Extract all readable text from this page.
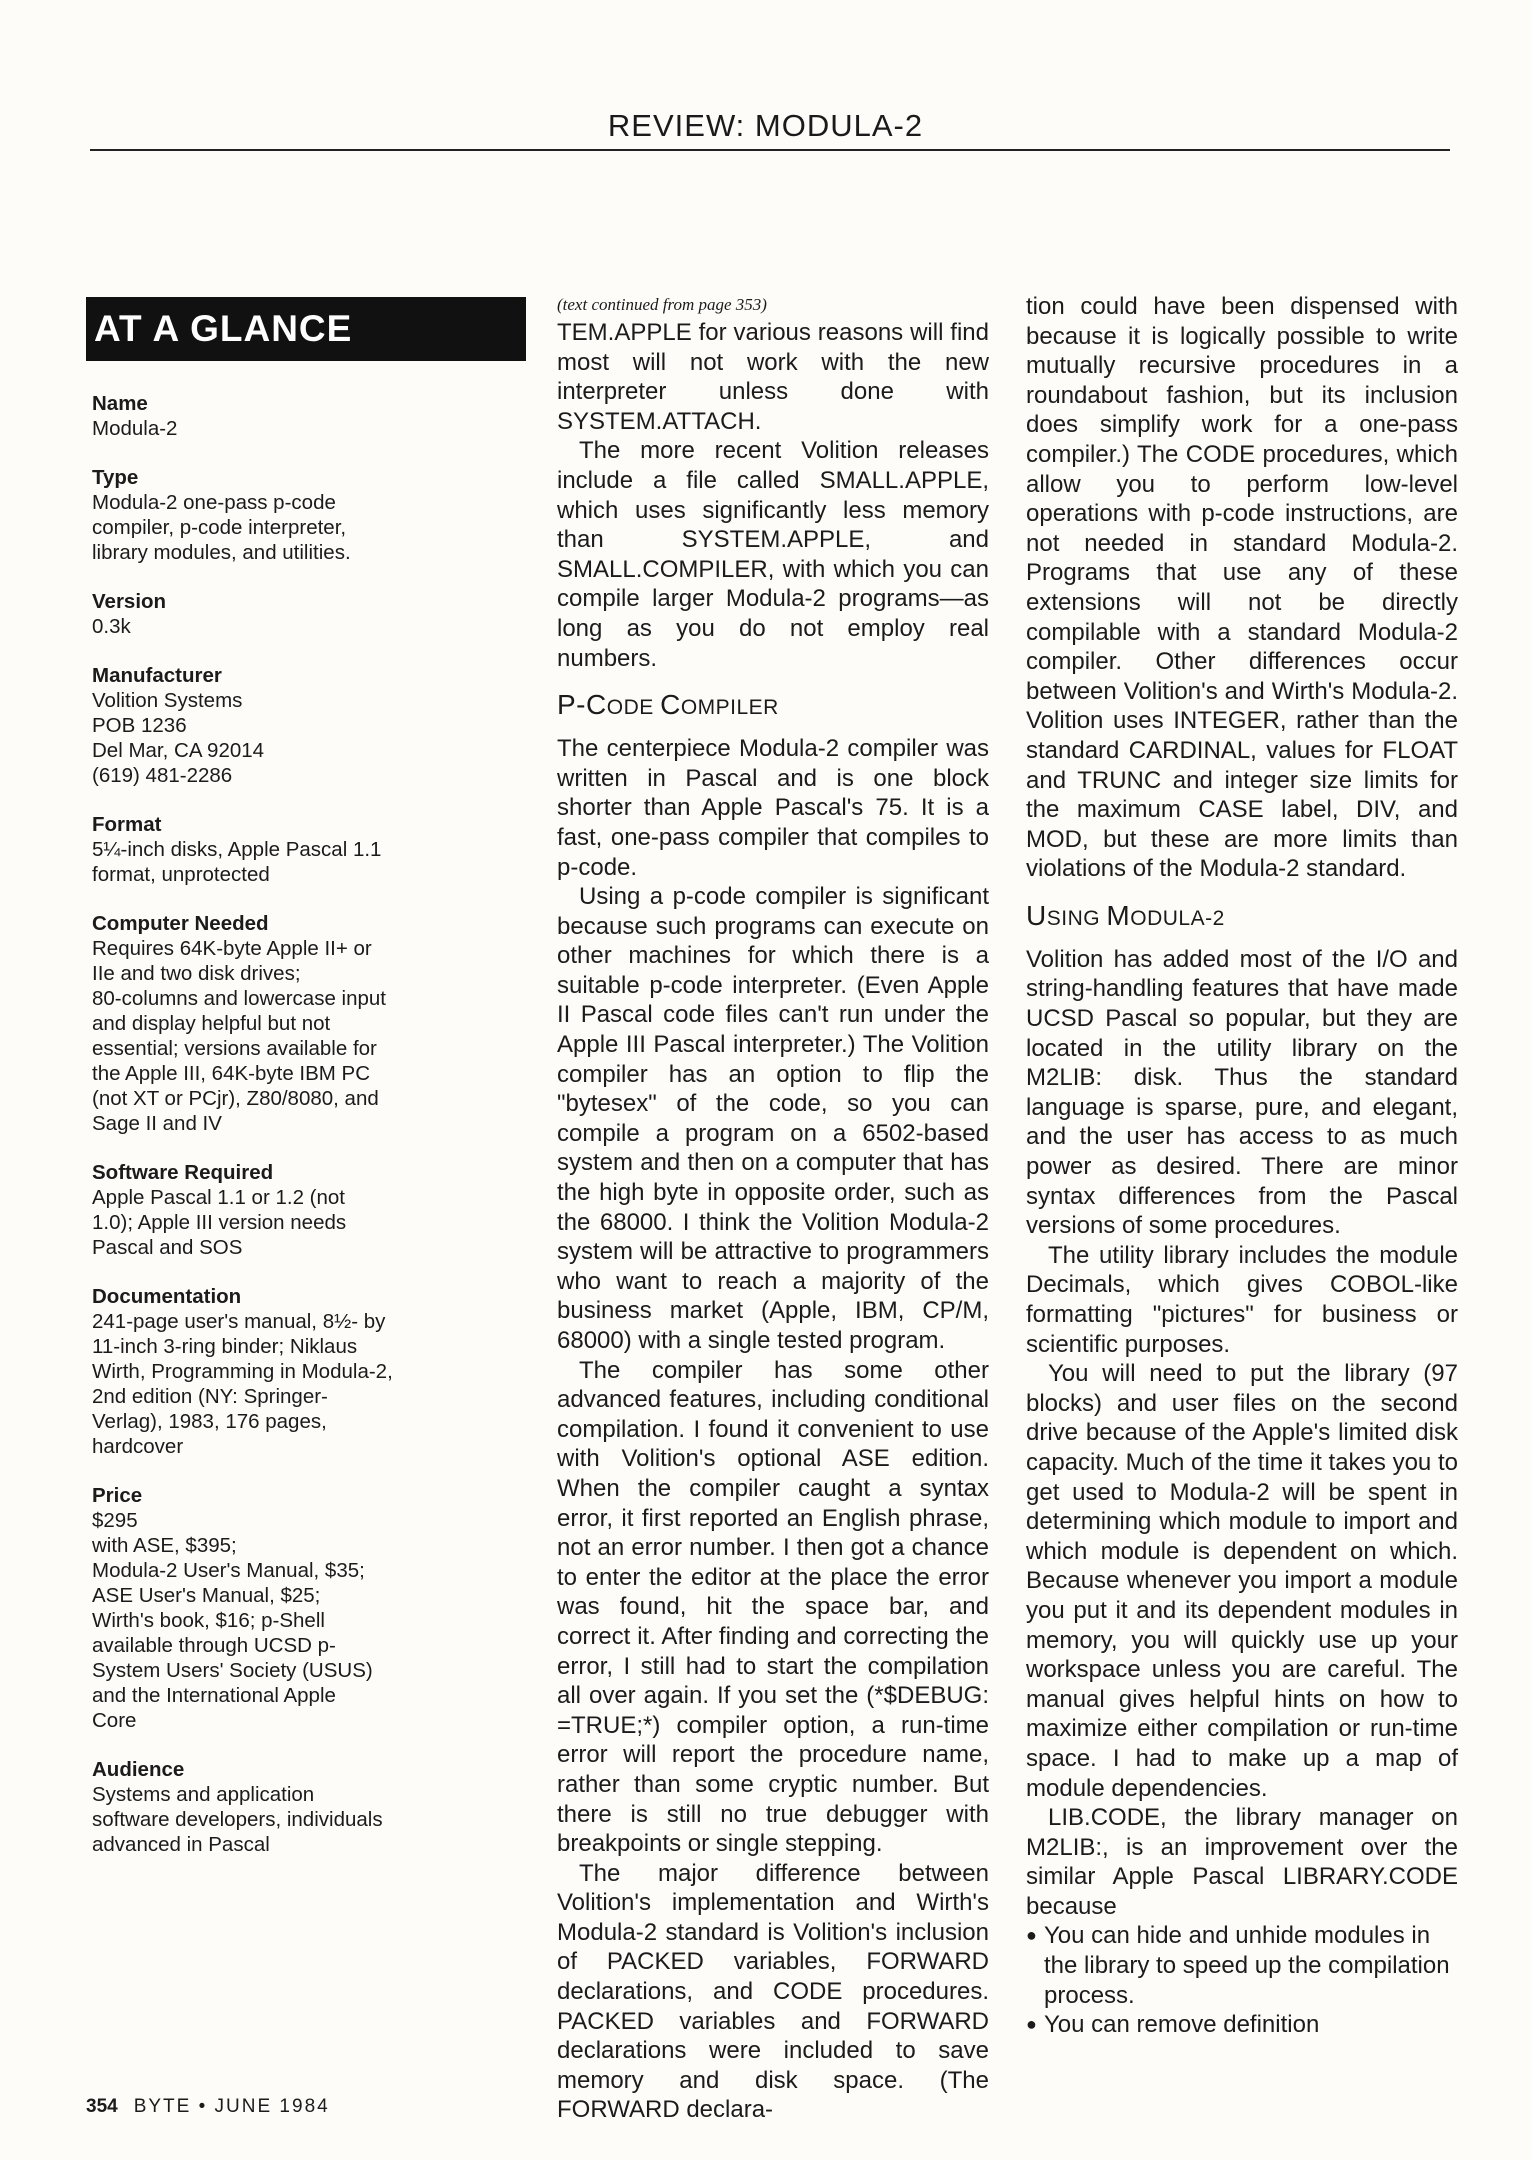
REVIEW: MODULA-2
AT A GLANCE
Name
Modula-2
Type
Modula-2 one-pass p-code
compiler, p-code interpreter,
library modules, and utilities.
Version
0.3k
Manufacturer
Volition Systems
POB 1236
Del Mar, CA 92014
(619) 481-2286
Format
5¼-inch disks, Apple Pascal 1.1
format, unprotected
Computer Needed
Requires 64K-byte Apple II+ or
IIe and two disk drives;
80-columns and lowercase input
and display helpful but not
essential; versions available for
the Apple III, 64K-byte IBM PC
(not XT or PCjr), Z80/8080, and
Sage II and IV
Software Required
Apple Pascal 1.1 or 1.2 (not
1.0); Apple III version needs
Pascal and SOS
Documentation
241-page user's manual, 8½- by
11-inch 3-ring binder; Niklaus
Wirth, Programming in Modula-2,
2nd edition (NY: Springer-
Verlag), 1983, 176 pages,
hardcover
Price
$295
with ASE, $395;
Modula-2 User's Manual, $35;
ASE User's Manual, $25;
Wirth's book, $16; p-Shell
available through UCSD p-
System Users' Society (USUS)
and the International Apple
Core
Audience
Systems and application
software developers, individuals
advanced in Pascal

(text continued from page 353)

TEM.APPLE for various reasons will find most will not work with the new interpreter unless done with SYSTEM.ATTACH.

The more recent Volition releases include a file called SMALL.APPLE, which uses significantly less memory than SYSTEM.APPLE, and SMALL.COMPILER, with which you can compile larger Modula-2 programs—as long as you do not employ real numbers.

P-CODE COMPILER

The centerpiece Modula-2 compiler was written in Pascal and is one block shorter than Apple Pascal's 75. It is a fast, one-pass compiler that compiles to p-code.

Using a p-code compiler is significant because such programs can execute on other machines for which there is a suitable p-code interpreter. (Even Apple II Pascal code files can't run under the Apple III Pascal interpreter.) The Volition compiler has an option to flip the "bytesex" of the code, so you can compile a program on a 6502-based system and then on a computer that has the high byte in opposite order, such as the 68000. I think the Volition Modula-2 system will be attractive to programmers who want to reach a majority of the business market (Apple, IBM, CP/M, 68000) with a single tested program.

The compiler has some other advanced features, including conditional compilation. I found it convenient to use with Volition's optional ASE edition. When the compiler caught a syntax error, it first reported an English phrase, not an error number. I then got a chance to enter the editor at the place the error was found, hit the space bar, and correct it. After finding and correcting the error, I still had to start the compilation all over again. If you set the (*$DEBUG: =TRUE;*) compiler option, a run-time error will report the procedure name, rather than some cryptic number. But there is still no true debugger with breakpoints or single stepping.

The major difference between Volition's implementation and Wirth's Modula-2 standard is Volition's inclusion of PACKED variables, FORWARD declarations, and CODE procedures. PACKED variables and FORWARD declarations were included to save memory and disk space. (The FORWARD declara-

tion could have been dispensed with because it is logically possible to write mutually recursive procedures in a roundabout fashion, but its inclusion does simplify work for a one-pass compiler.) The CODE procedures, which allow you to perform low-level operations with p-code instructions, are not needed in standard Modula-2. Programs that use any of these extensions will not be directly compilable with a standard Modula-2 compiler. Other differences occur between Volition's and Wirth's Modula-2. Volition uses INTEGER, rather than the standard CARDINAL, values for FLOAT and TRUNC and integer size limits for the maximum CASE label, DIV, and MOD, but these are more limits than violations of the Modula-2 standard.

USING MODULA-2

Volition has added most of the I/O and string-handling features that have made UCSD Pascal so popular, but they are located in the utility library on the M2LIB: disk. Thus the standard language is sparse, pure, and elegant, and the user has access to as much power as desired. There are minor syntax differences from the Pascal versions of some procedures.

The utility library includes the module Decimals, which gives COBOL-like formatting "pictures" for business or scientific purposes.

You will need to put the library (97 blocks) and user files on the second drive because of the Apple's limited disk capacity. Much of the time it takes you to get used to Modula-2 will be spent in determining which module to import and which module is dependent on which. Because whenever you import a module you put it and its dependent modules in memory, you will quickly use up your workspace unless you are careful. The manual gives helpful hints on how to maximize either compilation or run-time space. I had to make up a map of module dependencies.

LIB.CODE, the library manager on M2LIB:, is an improvement over the similar Apple Pascal LIBRARY.CODE because

● You can hide and unhide modules in the library to speed up the compilation process.

● You can remove definition

354 BYTE • JUNE 1984
